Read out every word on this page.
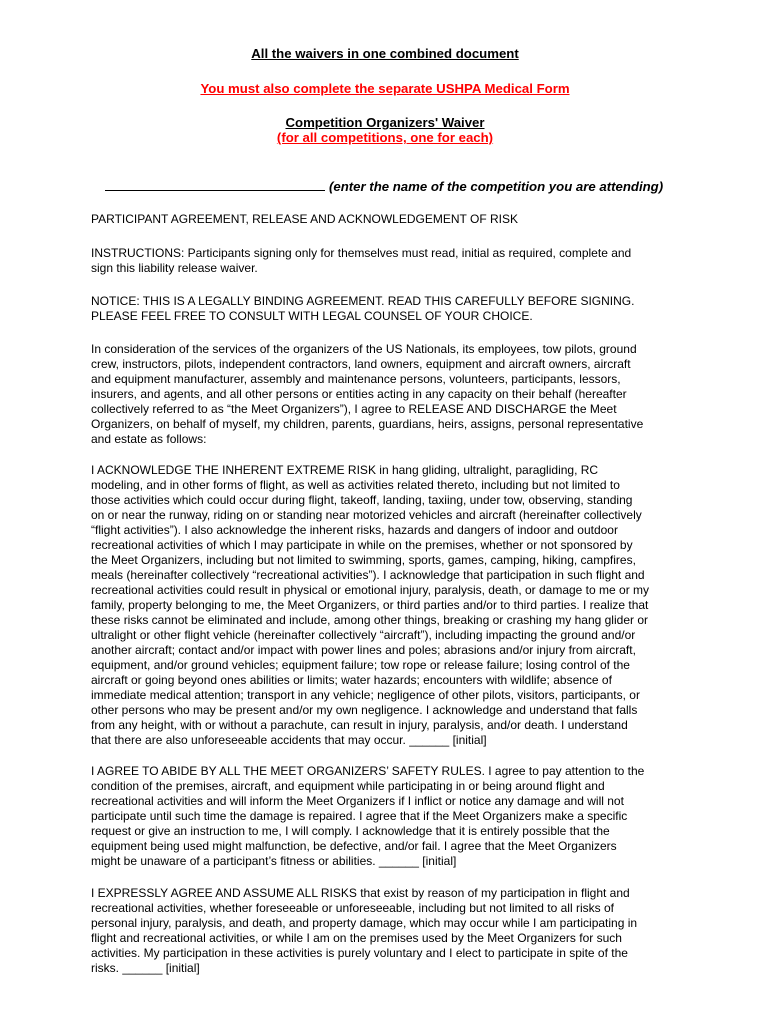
All the waivers in one combined document
You must also complete the separate USHPA Medical Form
Competition Organizers' Waiver
(for all competitions, one for each)
(enter the name of the competition you are attending)
PARTICIPANT AGREEMENT, RELEASE AND ACKNOWLEDGEMENT OF RISK
INSTRUCTIONS: Participants signing only for themselves must read, initial as required, complete and
sign this liability release waiver.
NOTICE: THIS IS A LEGALLY BINDING AGREEMENT. READ THIS CAREFULLY BEFORE SIGNING.
PLEASE FEEL FREE TO CONSULT WITH LEGAL COUNSEL OF YOUR CHOICE.
In consideration of the services of the organizers of the US Nationals, its employees, tow pilots, ground
crew, instructors, pilots, independent contractors, land owners, equipment and aircraft owners, aircraft
and equipment manufacturer, assembly and maintenance persons, volunteers, participants, lessors,
insurers, and agents, and all other persons or entities acting in any capacity on their behalf (hereafter
collectively referred to as “the Meet Organizers”), I agree to RELEASE AND DISCHARGE the Meet
Organizers, on behalf of myself, my children, parents, guardians, heirs, assigns, personal representative
and estate as follows:
I ACKNOWLEDGE THE INHERENT EXTREME RISK in hang gliding, ultralight, paragliding, RC
modeling, and in other forms of flight, as well as activities related thereto, including but not limited to
those activities which could occur during flight, takeoff, landing, taxiing, under tow, observing, standing
on or near the runway, riding on or standing near motorized vehicles and aircraft (hereinafter collectively
“flight activities”). I also acknowledge the inherent risks, hazards and dangers of indoor and outdoor
recreational activities of which I may participate in while on the premises, whether or not sponsored by
the Meet Organizers, including but not limited to swimming, sports, games, camping, hiking, campfires,
meals (hereinafter collectively “recreational activities”). I acknowledge that participation in such flight and
recreational activities could result in physical or emotional injury, paralysis, death, or damage to me or my
family, property belonging to me, the Meet Organizers, or third parties and/or to third parties. I realize that
these risks cannot be eliminated and include, among other things, breaking or crashing my hang glider or
ultralight or other flight vehicle (hereinafter collectively “aircraft”), including impacting the ground and/or
another aircraft; contact and/or impact with power lines and poles; abrasions and/or injury from aircraft,
equipment, and/or ground vehicles; equipment failure; tow rope or release failure; losing control of the
aircraft or going beyond ones abilities or limits; water hazards; encounters with wildlife; absence of
immediate medical attention; transport in any vehicle; negligence of other pilots, visitors, participants, or
other persons who may be present and/or my own negligence. I acknowledge and understand that falls
from any height, with or without a parachute, can result in injury, paralysis, and/or death. I understand
that there are also unforeseeable accidents that may occur. ______ [initial]
I AGREE TO ABIDE BY ALL THE MEET ORGANIZERS’ SAFETY RULES. I agree to pay attention to the
condition of the premises, aircraft, and equipment while participating in or being around flight and
recreational activities and will inform the Meet Organizers if I inflict or notice any damage and will not
participate until such time the damage is repaired. I agree that if the Meet Organizers make a specific
request or give an instruction to me, I will comply. I acknowledge that it is entirely possible that the
equipment being used might malfunction, be defective, and/or fail. I agree that the Meet Organizers
might be unaware of a participant’s fitness or abilities. ______ [initial]
I EXPRESSLY AGREE AND ASSUME ALL RISKS that exist by reason of my participation in flight and
recreational activities, whether foreseeable or unforeseeable, including but not limited to all risks of
personal injury, paralysis, and death, and property damage, which may occur while I am participating in
flight and recreational activities, or while I am on the premises used by the Meet Organizers for such
activities. My participation in these activities is purely voluntary and I elect to participate in spite of the
risks. ______ [initial]
